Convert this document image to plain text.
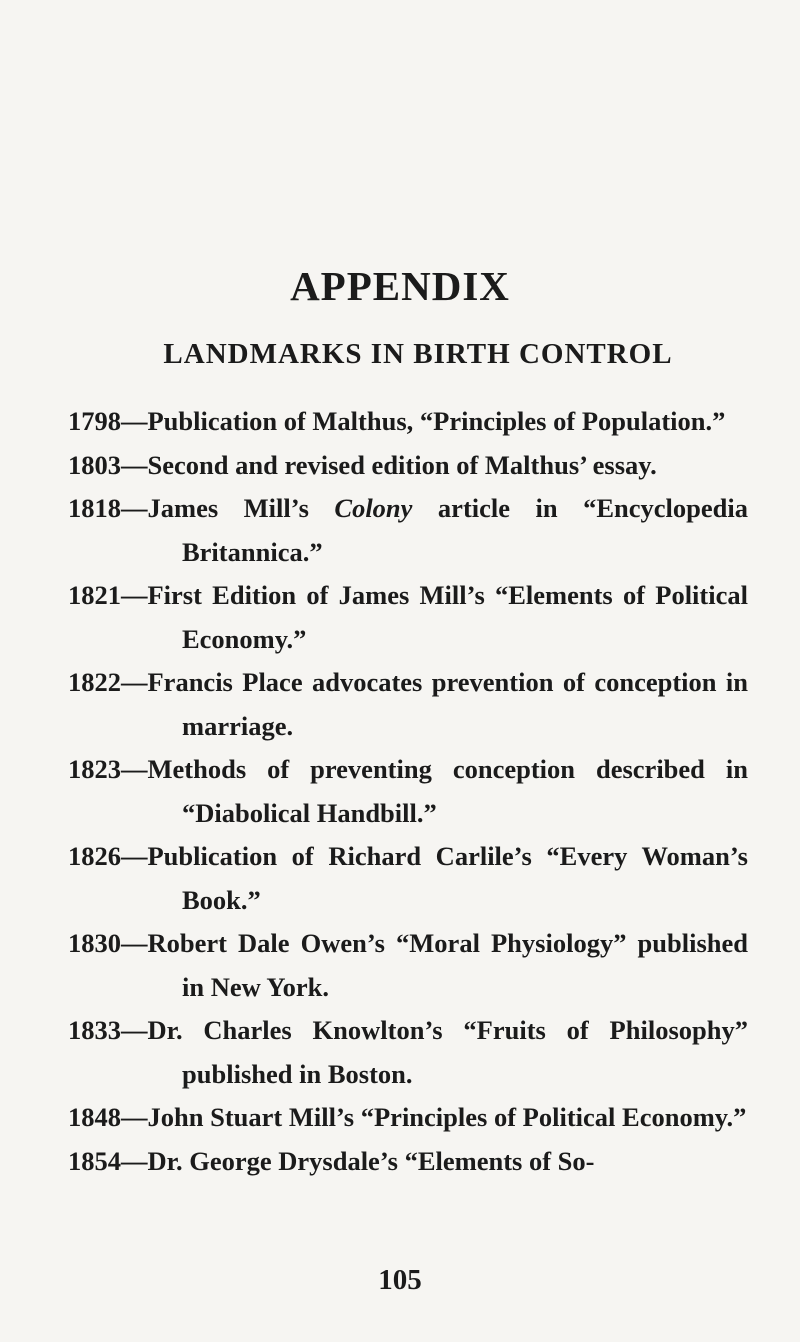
APPENDIX
LANDMARKS IN BIRTH CONTROL
1798—Publication of Malthus, “Principles of Population.”
1803—Second and revised edition of Malthus’ essay.
1818—James Mill’s Colony article in “Encyclopedia Britannica.”
1821—First Edition of James Mill’s “Elements of Political Economy.”
1822—Francis Place advocates prevention of conception in marriage.
1823—Methods of preventing conception described in “Diabolical Handbill.”
1826—Publication of Richard Carlile’s “Every Woman’s Book.”
1830—Robert Dale Owen’s “Moral Physiology” published in New York.
1833—Dr. Charles Knowlton’s “Fruits of Philosophy” published in Boston.
1848—John Stuart Mill’s “Principles of Political Economy.”
1854—Dr. George Drysdale’s “Elements of So-

105
